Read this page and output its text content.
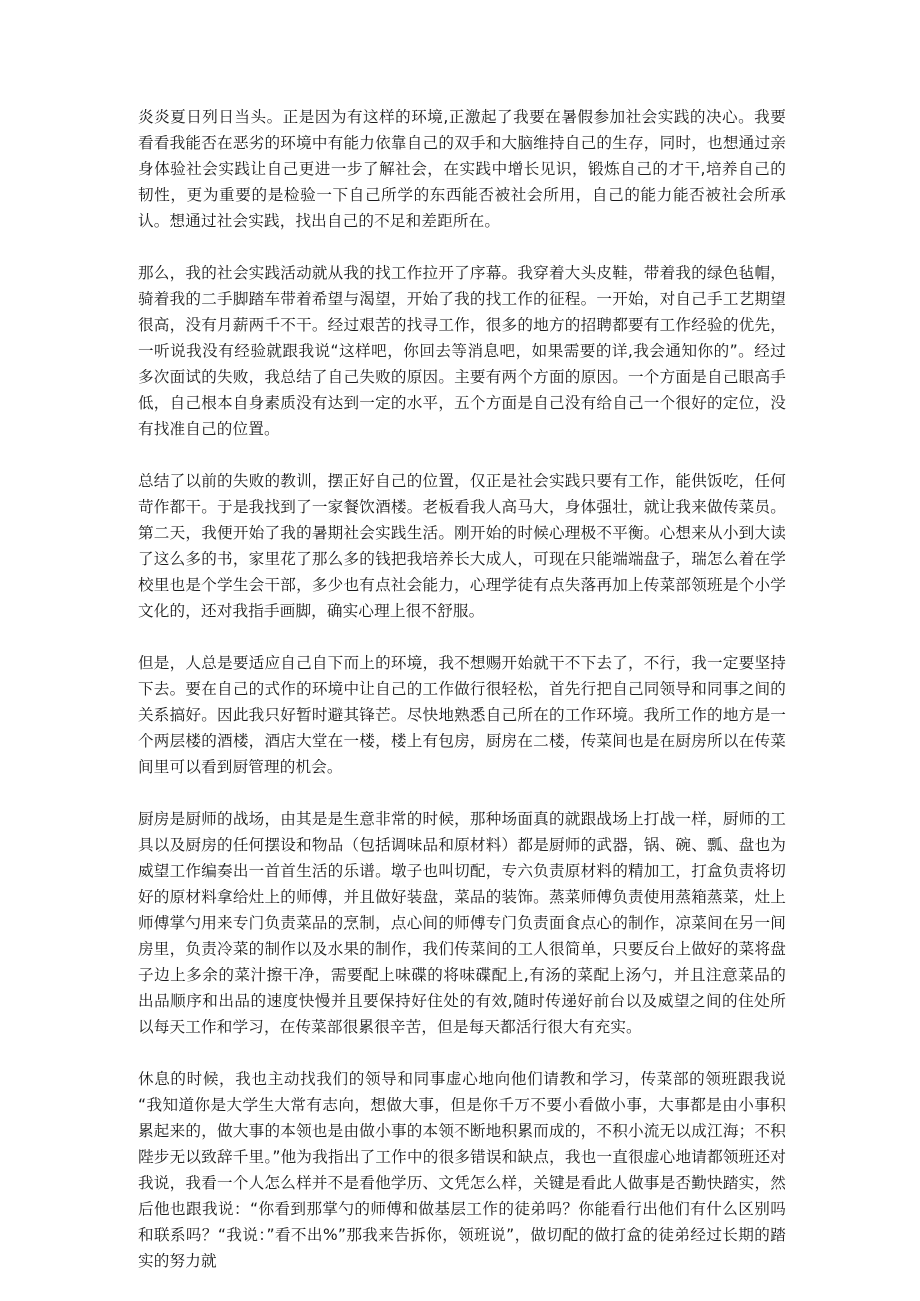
炎炎夏日列日当头。正是因为有这样的环境,正激起了我要在暑假参加社会实践的决心。我要看看我能否在恶劣的环境中有能力依靠自己的双手和大脑维持自己的生存，同时，也想通过亲身体验社会实践让自己更进一步了解社会，在实践中增长见识，锻炼自己的才干,培养自己的韧性，更为重要的是检验一下自己所学的东西能否被社会所用，自己的能力能否被社会所承认。想通过社会实践，找出自己的不足和差距所在。

那么，我的社会实践活动就从我的找工作拉开了序幕。我穿着大头皮鞋，带着我的绿色毡帽，骑着我的二手脚踏车带着希望与渴望，开始了我的找工作的征程。一开始，对自己手工艺期望很高，没有月薪两千不干。经过艰苦的找寻工作，很多的地方的招聘都要有工作经验的优先，一听说我没有经验就跟我说“这样吧，你回去等消息吧，如果需要的详,我会通知你的”。经过多次面试的失败，我总结了自己失败的原因。主要有两个方面的原因。一个方面是自己眼高手低，自己根本自身素质没有达到一定的水平，五个方面是自己没有给自己一个很好的定位，没有找准自己的位置。

总结了以前的失败的教训，摆正好自己的位置，仅正是社会实践只要有工作，能供饭吃，任何苛作都干。于是我找到了一家餐饮酒楼。老板看我人高马大，身体强壮，就让我来做传菜员。第二天，我便开始了我的暑期社会实践生活。刚开始的时候心理极不平衡。心想来从小到大读了这么多的书，家里花了那么多的钱把我培养长大成人，可现在只能端端盘子，瑞怎么着在学校里也是个学生会干部，多少也有点社会能力，心理学徒有点失落再加上传菜部领班是个小学文化的，还对我指手画脚，确实心理上很不舒服。

但是，人总是要适应自己自下而上的环境，我不想赐开始就干不下去了，不行，我一定要坚持下去。要在自己的式作的环境中让自己的工作做行很轻松，首先行把自己同领导和同事之间的关系搞好。因此我只好暂时避其锋芒。尽快地熟悉自己所在的工作环境。我所工作的地方是一个两层楼的酒楼，酒店大堂在一楼，楼上有包房，厨房在二楼，传菜间也是在厨房所以在传菜间里可以看到厨管理的机会。

厨房是厨师的战场，由其是是生意非常的时候，那种场面真的就跟战场上打战一样，厨师的工具以及厨房的任何摆设和物品（包括调味品和原材料）都是厨师的武器，锅、碗、瓢、盘也为威望工作编奏出一首首生活的乐谱。墩子也叫切配，专六负责原材料的精加工，打盒负责将切好的原材料拿给灶上的师傅，并且做好装盘，菜品的装饰。蒸菜师傅负责使用蒸箱蒸菜，灶上师傅掌勺用来专门负责菜品的烹制，点心间的师傅专门负责面食点心的制作，凉菜间在另一间房里，负责冷菜的制作以及水果的制作，我们传菜间的工人很简单，只要反台上做好的菜将盘子边上多余的菜汁擦干净，需要配上味碟的将味碟配上,有汤的菜配上汤勺，并且注意菜品的出品顺序和出品的速度快慢并且要保持好住处的有效,随时传递好前台以及威望之间的住处所以每天工作和学习，在传菜部很累很辛苦，但是每天都活行很大有充实。

休息的时候，我也主动找我们的领导和同事虚心地向他们请教和学习，传菜部的领班跟我说 “我知道你是大学生大常有志向，想做大事，但是你千万不要小看做小事，大事都是由小事积累起来的，做大事的本领也是由做小事的本领不断地积累而成的，不积小流无以成江海；不积陛步无以致辞千里。”他为我指出了工作中的很多错误和缺点，我也一直很虚心地请都领班还对我说，我看一个人怎么样并不是看他学历、文凭怎么样，关键是看此人做事是否勤快踏实，然后他也跟我说：“你看到那掌勺的师傅和做基层工作的徒弟吗？你能看行出他们有什么区别吗和联系吗？“我说：”看不出%”那我来告拆你，领班说”，做切配的做打盒的徒弟经过长期的踏实的努力就
